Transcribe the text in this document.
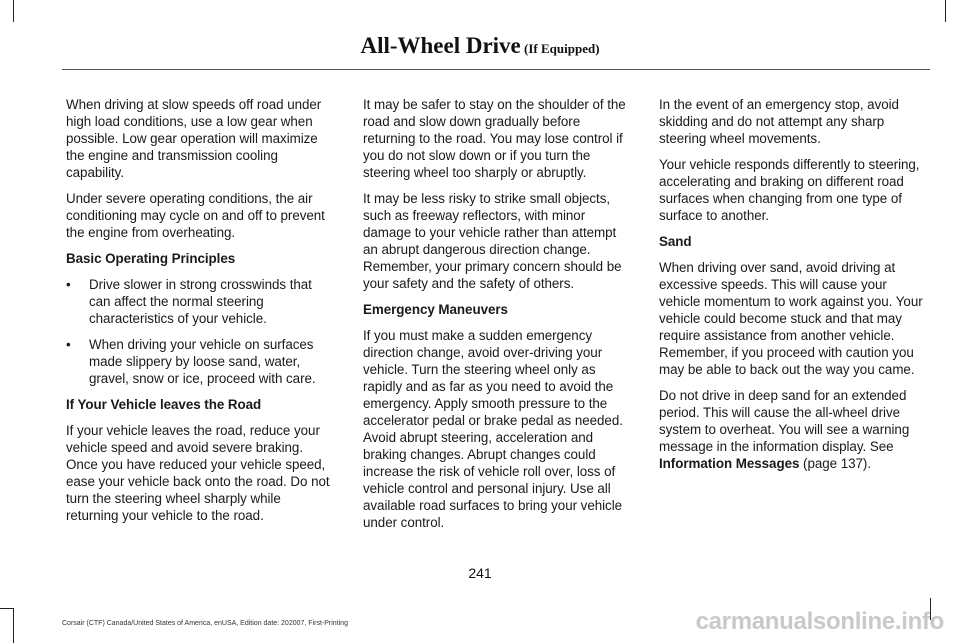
All-Wheel Drive (If Equipped)

When driving at slow speeds off road under high load conditions, use a low gear when possible. Low gear operation will maximize the engine and transmission cooling capability.

Under severe operating conditions, the air conditioning may cycle on and off to prevent the engine from overheating.

Basic Operating Principles
• Drive slower in strong crosswinds that can affect the normal steering characteristics of your vehicle.
• When driving your vehicle on surfaces made slippery by loose sand, water, gravel, snow or ice, proceed with care.
If Your Vehicle leaves the Road

If your vehicle leaves the road, reduce your vehicle speed and avoid severe braking. Once you have reduced your vehicle speed, ease your vehicle back onto the road. Do not turn the steering wheel sharply while returning your vehicle to the road.

It may be safer to stay on the shoulder of the road and slow down gradually before returning to the road. You may lose control if you do not slow down or if you turn the steering wheel too sharply or abruptly.

It may be less risky to strike small objects, such as freeway reflectors, with minor damage to your vehicle rather than attempt an abrupt dangerous direction change. Remember, your primary concern should be your safety and the safety of others.

Emergency Maneuvers

If you must make a sudden emergency direction change, avoid over-driving your vehicle. Turn the steering wheel only as rapidly and as far as you need to avoid the emergency. Apply smooth pressure to the accelerator pedal or brake pedal as needed. Avoid abrupt steering, acceleration and braking changes. Abrupt changes could increase the risk of vehicle roll over, loss of vehicle control and personal injury. Use all available road surfaces to bring your vehicle under control.

In the event of an emergency stop, avoid skidding and do not attempt any sharp steering wheel movements.

Your vehicle responds differently to steering, accelerating and braking on different road surfaces when changing from one type of surface to another.

Sand

When driving over sand, avoid driving at excessive speeds. This will cause your vehicle momentum to work against you. Your vehicle could become stuck and that may require assistance from another vehicle. Remember, if you proceed with caution you may be able to back out the way you came.

Do not drive in deep sand for an extended period. This will cause the all-wheel drive system to overheat. You will see a warning message in the information display. See Information Messages (page 137).

241
Corsair (CTF) Canada/United States of America, enUSA, Edition date: 202007, First-Printing	carmanualsonline.info
